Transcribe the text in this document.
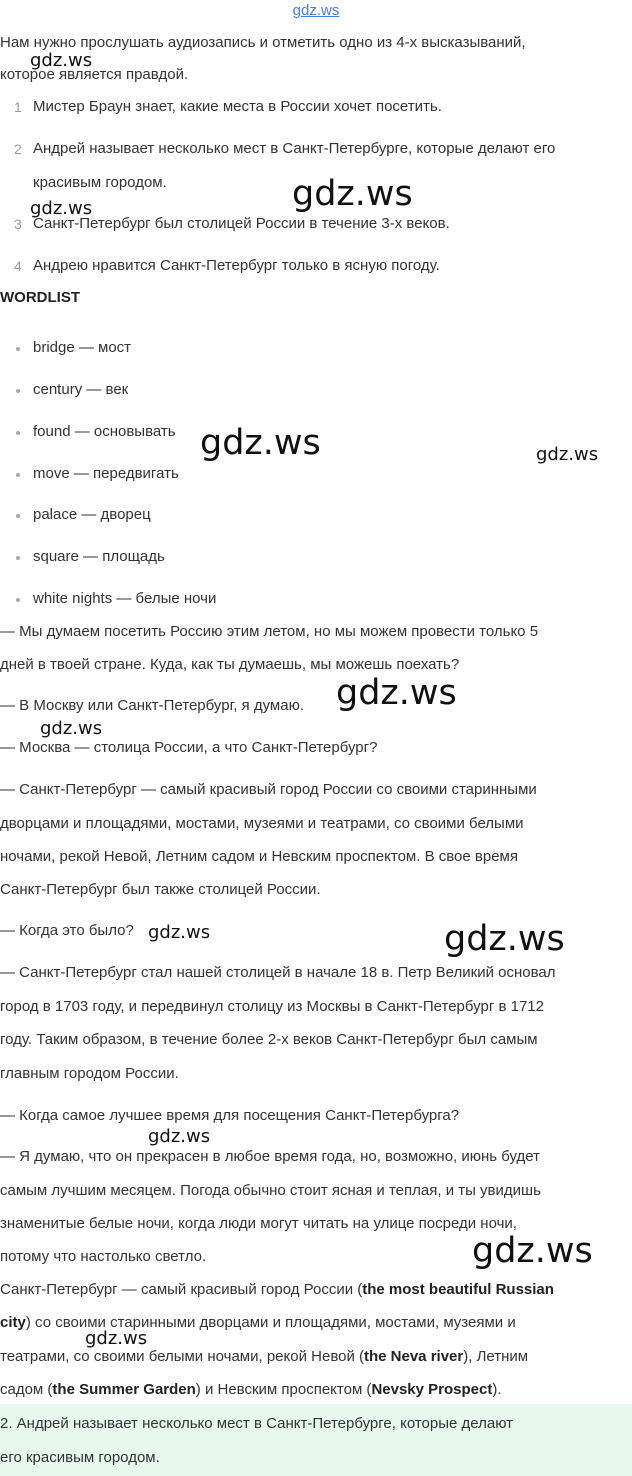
gdz.ws
Нам нужно прослушать аудиозапись и отметить одно из 4-х высказываний,
которое является правдой.
1 Мистер Браун знает, какие места в России хочет посетить.
2 Андрей называет несколько мест в Санкт-Петербурге, которые делают его
красивым городом.
3 Санкт-Петербург был столицей России в течение 3-х веков.
4 Андрею нравится Санкт-Петербург только в ясную погоду.
WORDLIST
bridge — мост
century — век
found — основывать
move — передвигать
palace — дворец
square — площадь
white nights — белые ночи
— Мы думаем посетить Россию этим летом, но мы можем провести только 5
дней в твоей стране. Куда, как ты думаешь, мы можешь поехать?
— В Москву или Санкт-Петербург, я думаю.
— Москва — столица России, а что Санкт-Петербург?
— Санкт-Петербург — самый красивый город России со своими старинными
дворцами и площадями, мостами, музеями и театрами, со своими белыми
ночами, рекой Невой, Летним садом и Невским проспектом. В свое время
Санкт-Петербург был также столицей России.
— Когда это было?
— Санкт-Петербург стал нашей столицей в начале 18 в. Петр Великий основал
город в 1703 году, и передвинул столицу из Москвы в Санкт-Петербург в 1712
году. Таким образом, в течение более 2-х веков Санкт-Петербург был самым
главным городом России.
— Когда самое лучшее время для посещения Санкт-Петербурга?
— Я думаю, что он прекрасен в любое время года, но, возможно, июнь будет
самым лучшим месяцем. Погода обычно стоит ясная и теплая, и ты увидишь
знаменитые белые ночи, когда люди могут читать на улице посреди ночи,
потому что настолько светло.
Санкт-Петербург — самый красивый город России (the most beautiful Russian
city) со своими старинными дворцами и площадями, мостами, музеями и
театрами, со своими белыми ночами, рекой Невой (the Neva river), Летним
садом (the Summer Garden) и Невским проспектом (Nevsky Prospect).
2. Андрей называет несколько мест в Санкт-Петербурге, которые делают
его красивым городом.
gdz.ws
gdz.ws
gdz.ws
gdz.ws	gdz.ws
gdz.ws
gdz.ws
gdz.ws	gdz.ws
gdz.ws
gdz.ws
gdz.ws
